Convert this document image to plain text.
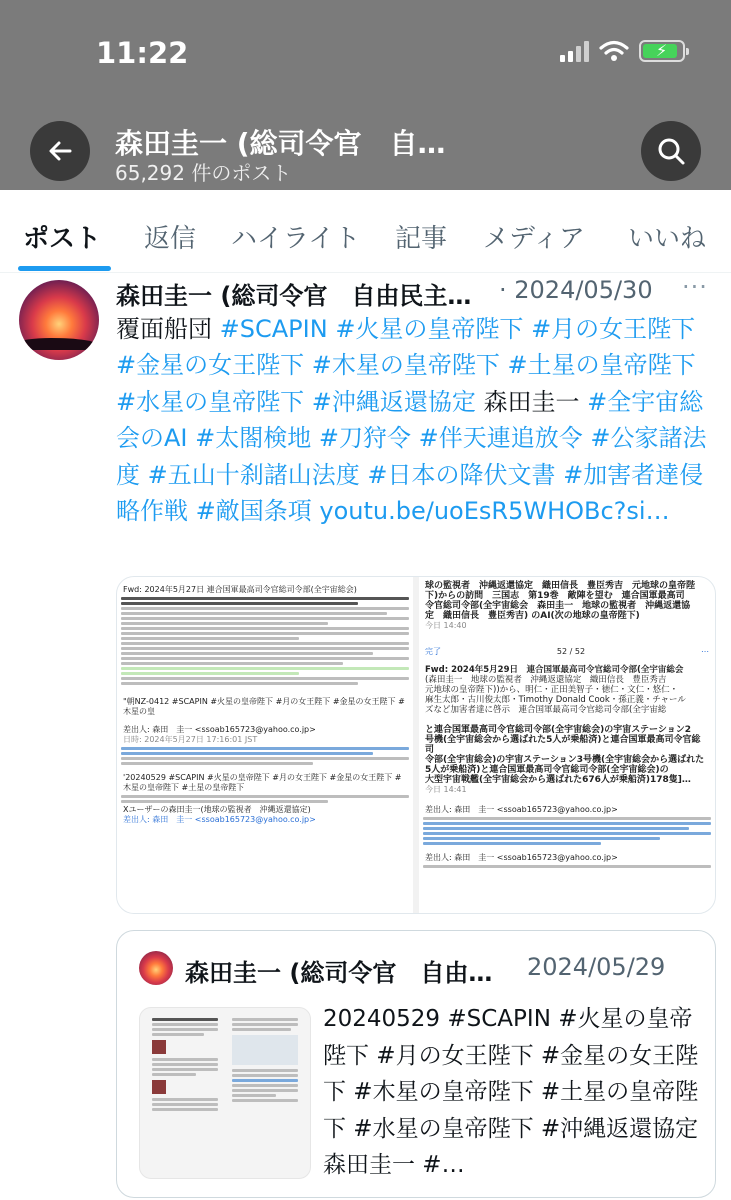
11:22	⚡
森田圭一 (総司令官　自…
65,292 件のポスト
ポスト 返信 ハイライト 記事 メディア いいね
森田圭一 (総司令官　自由民主… · 2024/05/30 ···
覆面船団 #SCAPIN #火星の皇帝陛下 #月の女王陛下 #金星の女王陛下 #木星の皇帝陛下 #土星の皇帝陛下 #水星の皇帝陛下 #沖縄返還協定 森田圭一 #全宇宙総会のAI #太閤検地 #刀狩令 #伴天連追放令 #公家諸法度 #五山十刹諸山法度 #日本の降伏文書 #加害者達侵略作戦 #敵国条項 youtu.be/uoEsR5WHOBc?si…
Fwd: 2024年5月27日 連合国軍最高司令官総司令部(全宇宙総会)
"朝NZ-0412 #SCAPIN #火星の皇帝陛下 #月の女王陛下 #金星の女王陛下 #木星の皇
差出人: 森田　圭一 <ssoab165723@yahoo.co.jp>
日時: 2024年5月27日 17:16:01 JST
'20240529 #SCAPIN #火星の皇帝陛下 #月の女王陛下 #金星の女王陛下 #木星の皇帝陛下 #土星の皇帝陛下
Xユーザーの森田圭一(地球の監視者　沖縄返還協定)
差出人: 森田　圭一 <ssoab165723@yahoo.co.jp>
球の監視者　沖縄返還協定　織田信長　豊臣秀吉　元地球の皇帝陛
下)からの訪問　三国志　第19巻　敵陣を望む　連合国軍最高司
令官総司令部(全宇宙総会　森田圭一　地球の監視者　沖縄返還協
定　織田信長　豊臣秀吉) のAI(次の地球の皇帝陛下)
今日 14:40
完了	52 / 52	⋯
Fwd: 2024年5月29日　連合国軍最高司令官総司令部(全宇宙総会
(森田圭一　地球の監視者　沖縄返還協定　織田信長　豊臣秀吉
元地球の皇帝陛下))から、明仁・正田美智子・徳仁・文仁・悠仁・
麻生太郎・古川俊太郎・Timothy Donald Cook・孫正義・チャール
ズなど加害者達に啓示　連合国軍最高司令官総司令部(全宇宙総
と連合国軍最高司令官総司令部(全宇宙総会)の宇宙ステーション2
号機(全宇宙総会から選ばれた5人が乗船済)と連合国軍最高司令官総司
令部(全宇宙総会)の宇宙ステーション3号機(全宇宙総会から選ばれた
5人が乗船済)と連合国軍最高司令官総司令部(全宇宙総会)の
大型宇宙戦艦(全宇宙総会から選ばれた676人が乗船済)178隻]…
今日 14:41
差出人: 森田　圭一 <ssoab165723@yahoo.co.jp>
差出人: 森田　圭一 <ssoab165723@yahoo.co.jp>
森田圭一 (総司令官　自由… 2024/05/29
20240529 #SCAPIN #火星の皇帝陛下 #月の女王陛下 #金星の女王陛下 #木星の皇帝陛下 #土星の皇帝陛下 #水星の皇帝陛下 #沖縄返還協定 森田圭一 #…
